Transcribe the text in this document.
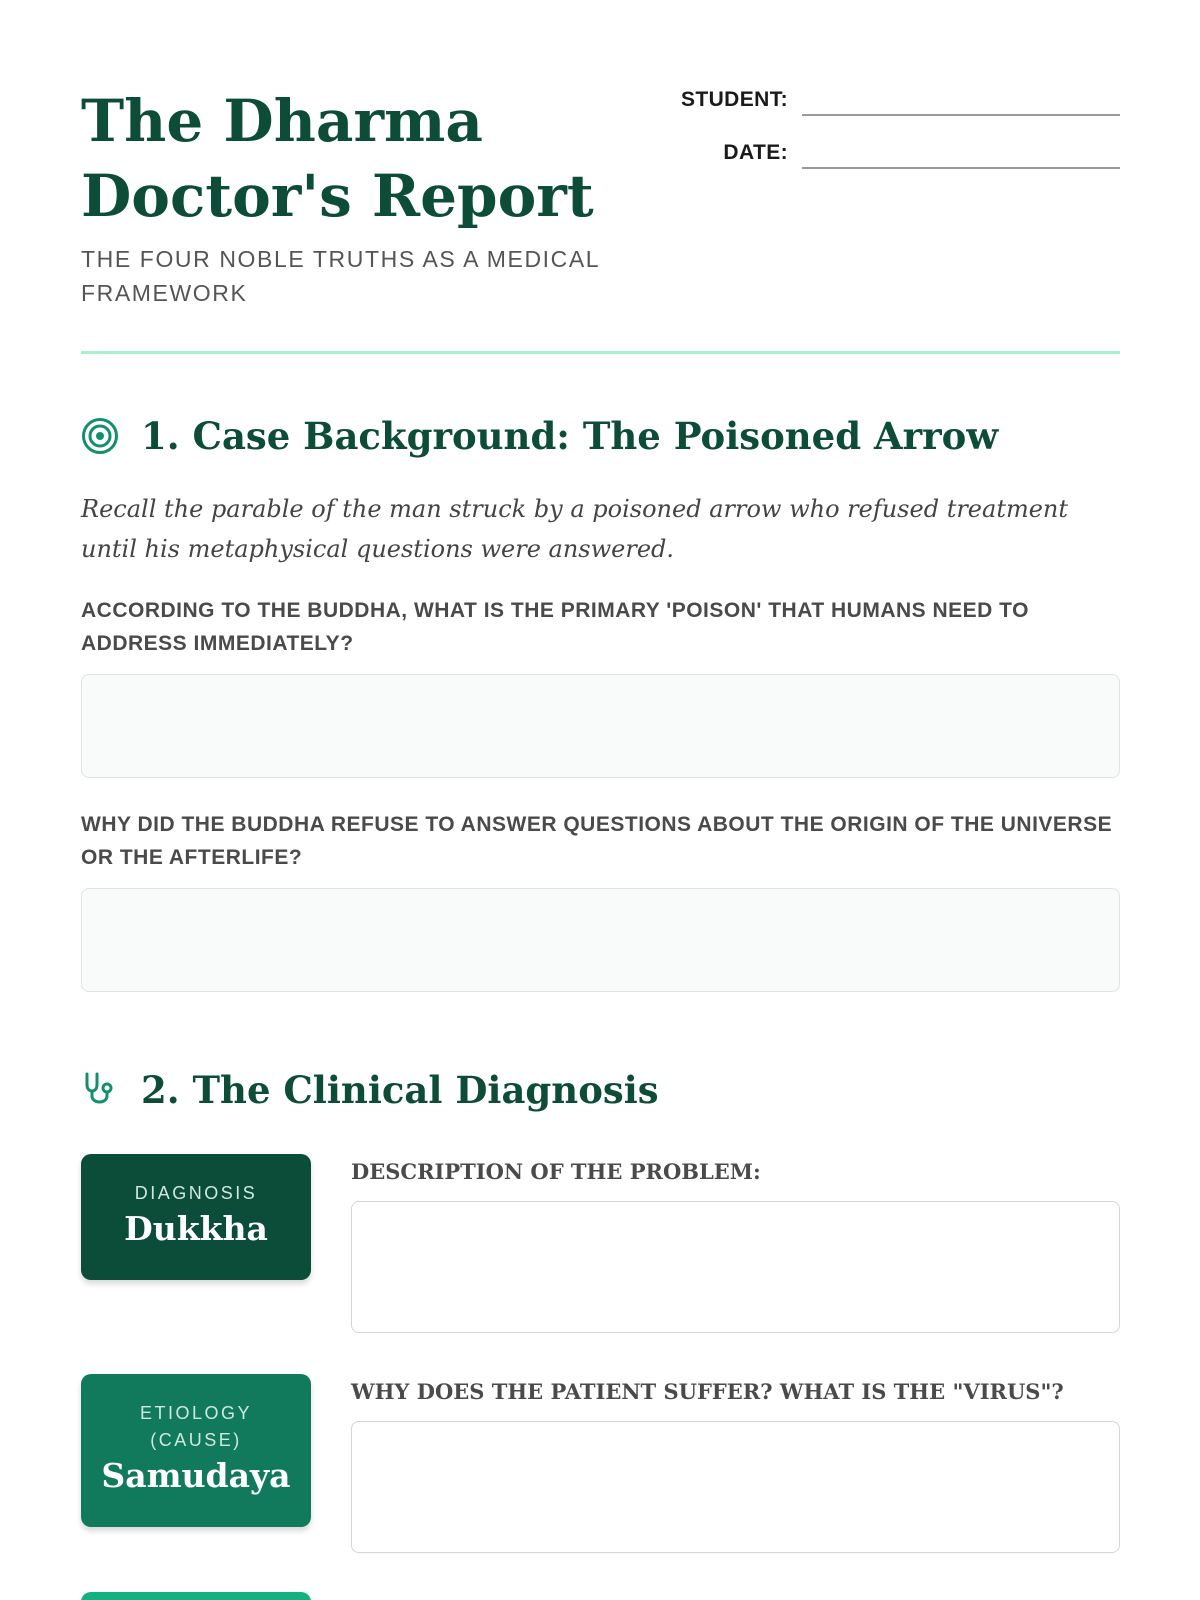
The Dharma Doctor's Report

THE FOUR NOBLE TRUTHS AS A MEDICAL FRAMEWORK

STUDENT:
DATE:
1. Case Background: The Poisoned Arrow

Recall the parable of the man struck by a poisoned arrow who refused treatment until his metaphysical questions were answered.

ACCORDING TO THE BUDDHA, WHAT IS THE PRIMARY 'POISON' THAT HUMANS NEED TO ADDRESS IMMEDIATELY?

WHY DID THE BUDDHA REFUSE TO ANSWER QUESTIONS ABOUT THE ORIGIN OF THE UNIVERSE OR THE AFTERLIFE?

2. The Clinical Diagnosis
DIAGNOSIS
Dukkha

DESCRIPTION OF THE PROBLEM:

ETIOLOGY (CAUSE)
Samudaya

WHY DOES THE PATIENT SUFFER? WHAT IS THE "VIRUS"?
